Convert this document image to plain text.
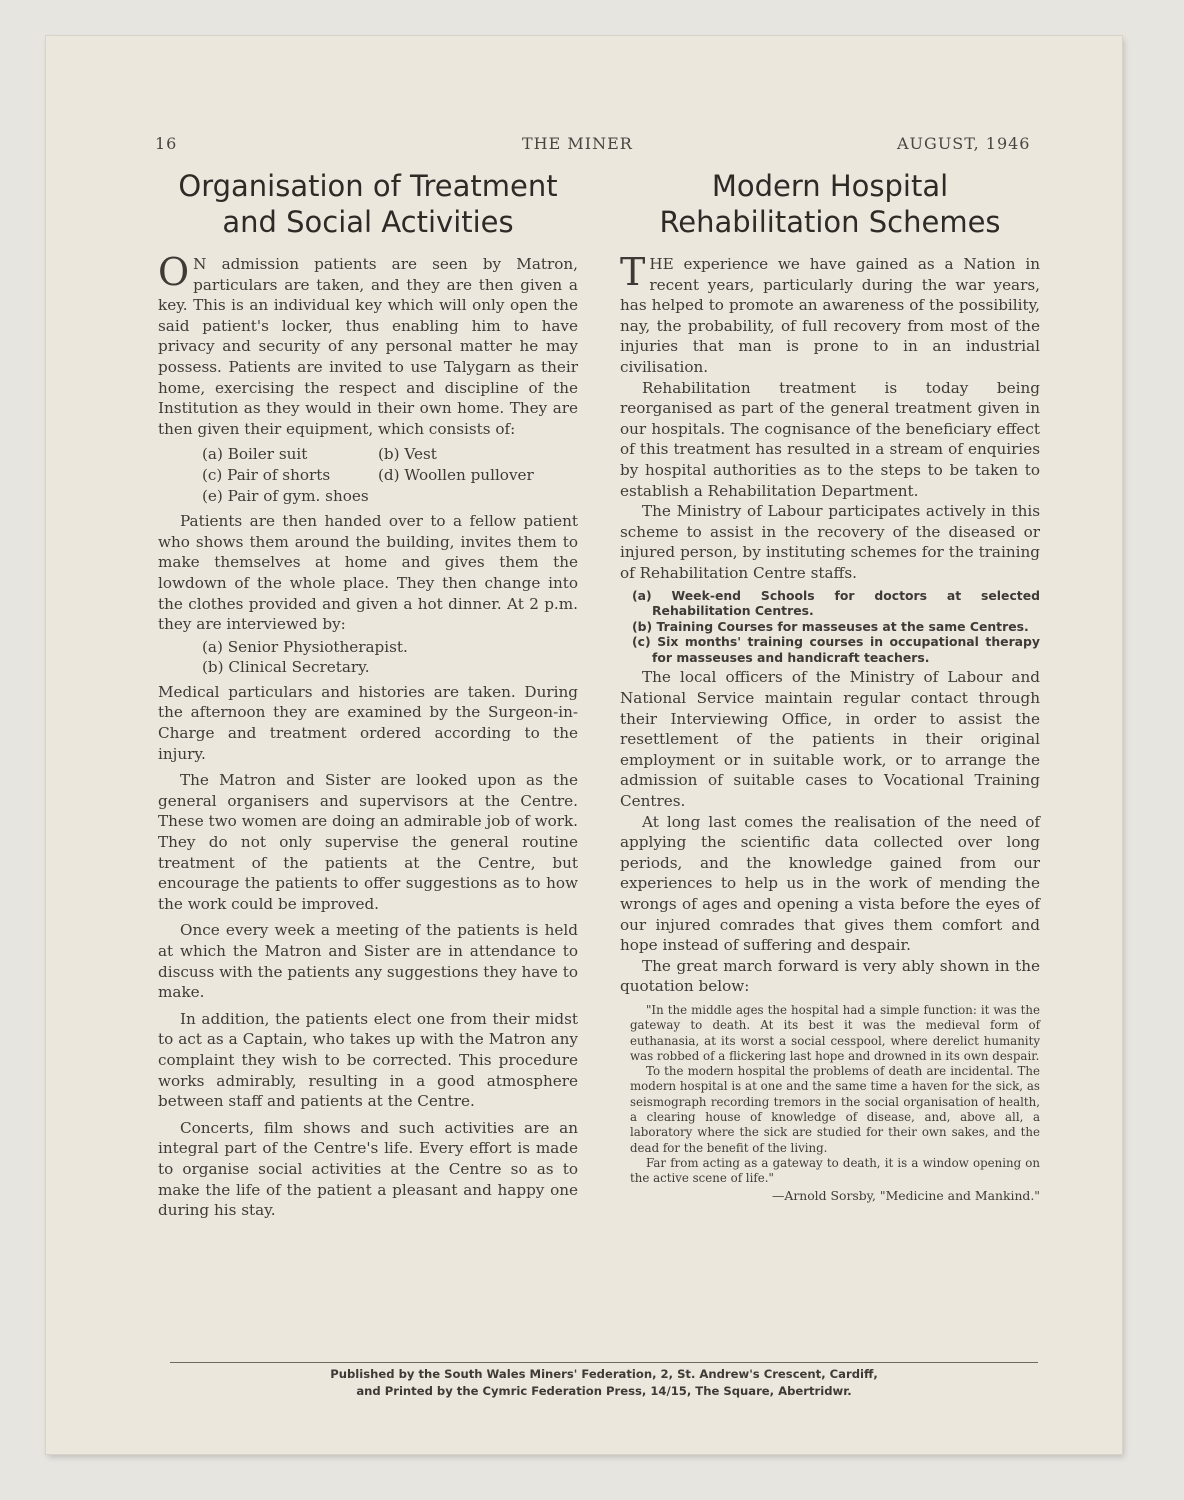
16	THE MINER	AUGUST, 1946
Organisation of Treatment
and Social Activities

O N admission patients are seen by Matron, particulars are taken, and they are then given a key. This is an individual key which will only open the said patient's locker, thus enabling him to have privacy and security of any personal matter he may possess. Patients are invited to use Talygarn as their home, exercising the respect and discipline of the Institution as they would in their own home. They are then given their equipment, which consists of:

(a) Boiler suit	(b) Vest
(c) Pair of shorts	(d) Woollen pullover
(e) Pair of gym. shoes

Patients are then handed over to a fellow patient who shows them around the building, invites them to make themselves at home and gives them the lowdown of the whole place. They then change into the clothes provided and given a hot dinner. At 2 p.m. they are interviewed by:

(a) Senior Physiotherapist.
(b) Clinical Secretary.

Medical particulars and histories are taken. During the afternoon they are examined by the Surgeon-in-Charge and treatment ordered according to the injury.

The Matron and Sister are looked upon as the general organisers and supervisors at the Centre. These two women are doing an admirable job of work. They do not only supervise the general routine treatment of the patients at the Centre, but encourage the patients to offer suggestions as to how the work could be improved.

Once every week a meeting of the patients is held at which the Matron and Sister are in attendance to discuss with the patients any suggestions they have to make.

In addition, the patients elect one from their midst to act as a Captain, who takes up with the Matron any complaint they wish to be corrected. This procedure works admirably, resulting in a good atmosphere between staff and patients at the Centre.

Concerts, film shows and such activities are an integral part of the Centre's life. Every effort is made to organise social activities at the Centre so as to make the life of the patient a pleasant and happy one during his stay.

Modern Hospital
Rehabilitation Schemes

THE experience we have gained as a Nation in recent years, particularly during the war years, has helped to promote an awareness of the possibility, nay, the probability, of full recovery from most of the injuries that man is prone to in an industrial civilisation.

Rehabilitation treatment is today being reorganised as part of the general treatment given in our hospitals. The cognisance of the beneficiary effect of this treatment has resulted in a stream of enquiries by hospital authorities as to the steps to be taken to establish a Rehabilitation Department.

The Ministry of Labour participates actively in this scheme to assist in the recovery of the diseased or injured person, by instituting schemes for the training of Rehabilitation Centre staffs.

(a) Week-end Schools for doctors at selected Rehabilitation Centres.
(b) Training Courses for masseuses at the same Centres.
(c) Six months' training courses in occupational therapy for masseuses and handicraft teachers.

The local officers of the Ministry of Labour and National Service maintain regular contact through their Interviewing Office, in order to assist the resettlement of the patients in their original employment or in suitable work, or to arrange the admission of suitable cases to Vocational Training Centres.

At long last comes the realisation of the need of applying the scientific data collected over long periods, and the knowledge gained from our experiences to help us in the work of mending the wrongs of ages and opening a vista before the eyes of our injured comrades that gives them comfort and hope instead of suffering and despair.

The great march forward is very ably shown in the quotation below:

"In the middle ages the hospital had a simple function: it was the gateway to death. At its best it was the medieval form of euthanasia, at its worst a social cesspool, where derelict humanity was robbed of a flickering last hope and drowned in its own despair.

To the modern hospital the problems of death are incidental. The modern hospital is at one and the same time a haven for the sick, as seismograph recording tremors in the social organisation of health, a clearing house of knowledge of disease, and, above all, a laboratory where the sick are studied for their own sakes, and the dead for the benefit of the living.

Far from acting as a gateway to death, it is a window opening on the active scene of life."

—Arnold Sorsby, "Medicine and Mankind."
Published by the South Wales Miners' Federation, 2, St. Andrew's Crescent, Cardiff,
and Printed by the Cymric Federation Press, 14/15, The Square, Abertridwr.
